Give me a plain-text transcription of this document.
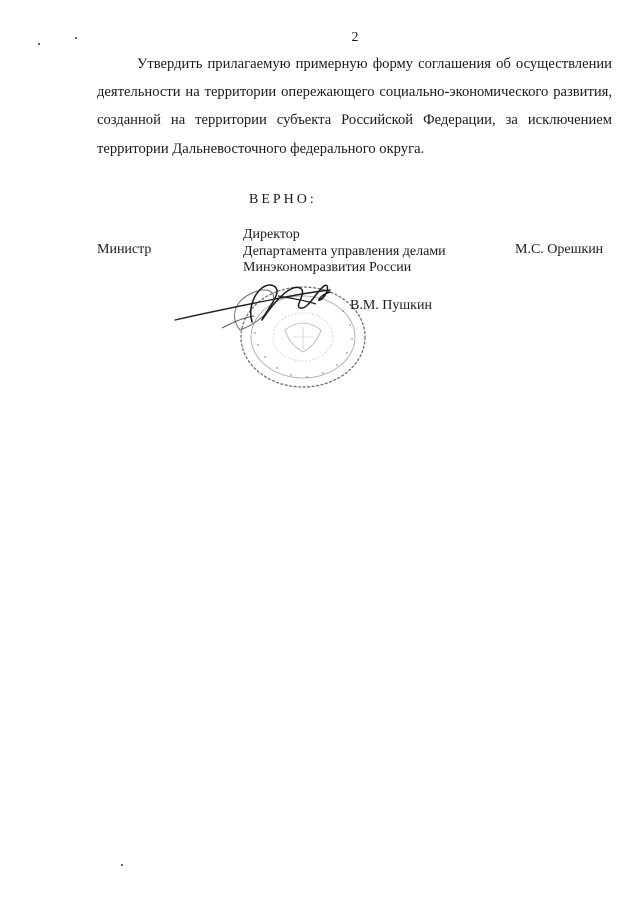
2

Утвердить прилагаемую примерную форму соглашения об осуществлении деятельности на территории опережающего социально-экономического развития, созданной на территории субъекта Российской Федерации, за исключением территории Дальневосточного федерального округа.

ВЕРНО:
Министр
Директор
Департамента управления делами
Минэкономразвития России
М.С. Орешкин
В.М. Пушкин
